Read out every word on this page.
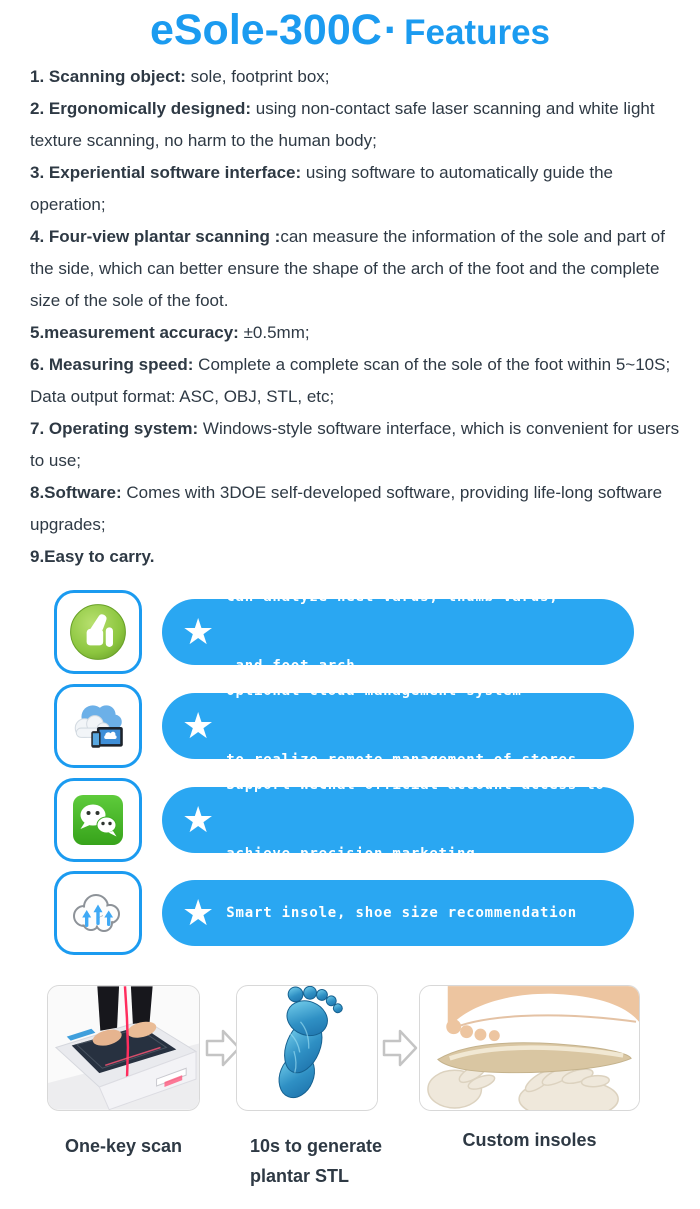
eSole-300C· Features

1. Scanning object: sole, footprint box;

2. Ergonomically designed: using non-contact safe laser scanning and white light texture scanning, no harm to the human body;

3. Experiential software interface: using software to automatically guide the operation;

4. Four-view plantar scanning :can measure the information of the sole and part of the side, which can better ensure the shape of the arch of the foot and the complete size of the sole of the foot.

5.measurement accuracy: ±0.5mm;

6. Measuring speed: Complete a complete scan of the sole of the foot within 5~10S; Data output format: ASC, OBJ, STL, etc;

7. Operating system: Windows-style software interface, which is convenient for users to use;

8.Software: Comes with 3DOE self-developed software, providing life-long software upgrades;

9.Easy to carry.

★

Can analyze heel varus, thumb varus,

and foot arch

★

Optional cloud management system

to realize remote management of stores

★

Support WeChat official account access to

achieve precision marketing

★

Smart insole, shoe size recommendation

One-key scan	10s to generate
plantar STL
Custom insoles
